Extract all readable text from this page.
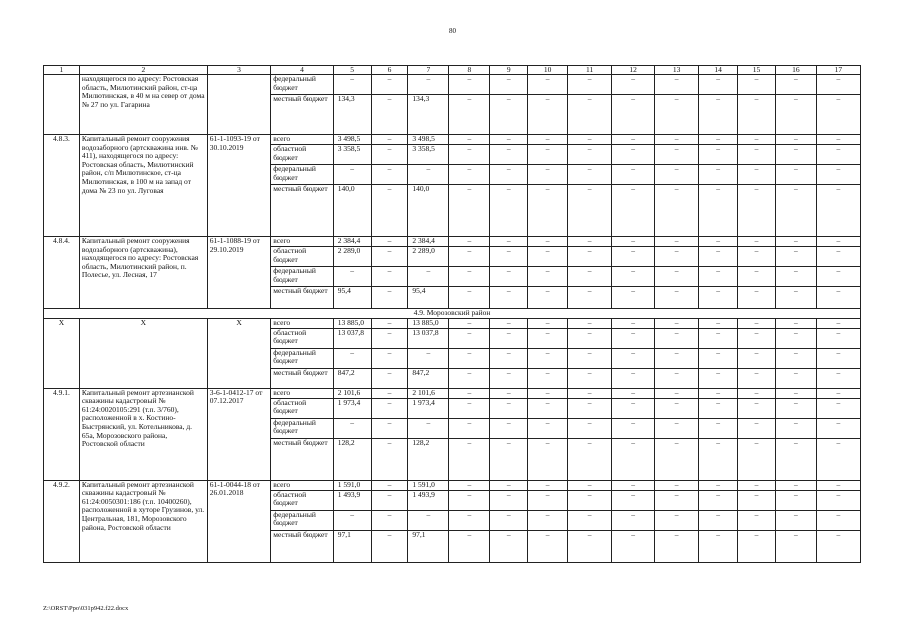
80
1	2	3	4	5	6	7	8	9	10	11	12	13	14	15	16	17
	находящегося по адресу: Ростовская область, Милютинский район, ст-ца Милютинская, в 40 м на север от дома № 27 по ул. Гагарина		федеральный бюджет	–	–	–	–	–	–	–	–	–	–	–	–	–
			местный бюджет	134,3	–	134,3	–	–	–	–	–	–	–	–	–	–
4.8.3.	Капитальный ремонт сооружения водозаборного (артскважина инв. № 411), находящегося по адресу: Ростовская область, Милютинский район, с/п Милютинское, ст-ца Милютинская, в 100 м на запад от дома № 23 по ул. Луговая	61-1-1093-19 от 30.10.2019	всего	3 498,5	–	3 498,5	–	–	–	–	–	–	–	–	–	–
			областной бюджет	3 358,5	–	3 358,5	–	–	–	–	–	–	–	–	–	–
			федеральный бюджет	–	–	–	–	–	–	–	–	–	–	–	–	–
			местный бюджет	140,0	–	140,0	–	–	–	–	–	–	–	–	–	–
4.8.4.	Капитальный ремонт сооружения водозаборного (артскважина), находящегося по адресу: Ростовская область, Милютинский район, п. Полесье, ул. Лесная, 17	61-1-1088-19 от 29.10.2019	всего	2 384,4	–	2 384,4	–	–	–	–	–	–	–	–	–	–
			областной бюджет	2 289,0	–	2 289,0	–	–	–	–	–	–	–	–	–	–
			федеральный бюджет	–	–	–	–	–	–	–	–	–	–	–	–	–
			местный бюджет	95,4	–	95,4	–	–	–	–	–	–	–	–	–	–
4.9. Морозовский район																
Х	Х	Х	всего	13 885,0	–	13 885,0	–	–	–	–	–	–	–	–	–	–
			областной бюджет	13 037,8	–	13 037,8	–	–	–	–	–	–	–	–	–	–
			федеральный бюджет	–	–	–	–	–	–	–	–	–	–	–	–	–
			местный бюджет	847,2	–	847,2	–	–	–	–	–	–	–	–	–	–
4.9.1.	Капитальный ремонт артезианской скважины кадастровый № 61:24:0020105:291 (т.п. 3/760), расположенной в х. Костино-Быстрянский, ул. Котельникова, д. 65а, Морозовского района, Ростовской области	3-6-1-0412-17 от 07.12.2017	всего	2 101,6	–	2 101,6	–	–	–	–	–	–	–	–	–	–
			областной бюджет	1 973,4	–	1 973,4	–	–	–	–	–	–	–	–	–	–
			федеральный бюджет	–	–	–	–	–	–	–	–	–	–	–	–	–
			местный бюджет	128,2	–	128,2	–	–	–	–	–	–	–	–	–	–
4.9.2.	Капитальный ремонт артезианской скважины кадастровый № 61:24:0050301:186 (т.п. 10400260), расположенной в хуторе Грузинов, ул. Центральная, 181, Морозовского района, Ростовской области	61-1-0044-18 от 26.01.2018	всего	1 591,0	–	1 591,0	–	–	–	–	–	–	–	–	–	–
			областной бюджет	1 493,9	–	1 493,9	–	–	–	–	–	–	–	–	–	–
			федеральный бюджет	–	–	–	–	–	–	–	–	–	–	–	–	–
			местный бюджет	97,1	–	97,1	–	–	–	–	–	–	–	–	–	–
Z:\ORST\Ppo\031p942.f22.docx
